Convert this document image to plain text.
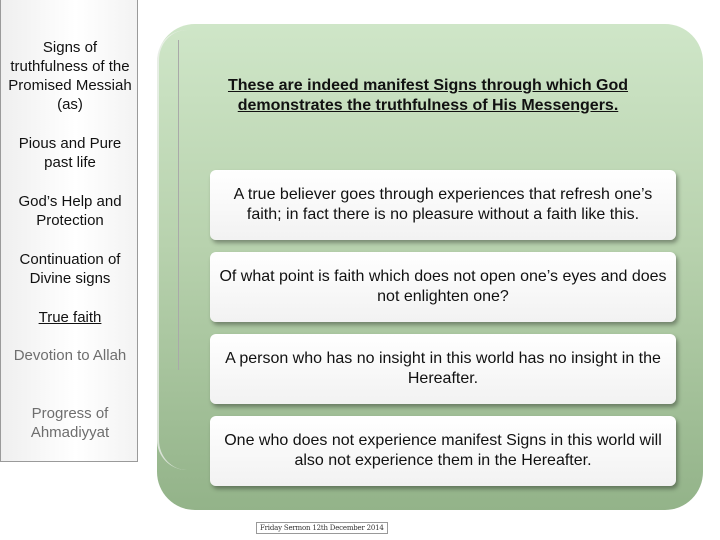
Signs of truthfulness of the Promised Messiah (as)
Pious and Pure past life
God’s Help and Protection
Continuation of Divine signs
True faith
Devotion to Allah
Progress of Ahmadiyyat
These are indeed manifest Signs through which God demonstrates the truthfulness of His Messengers.
A true believer goes through experiences that refresh one’s faith; in fact there is no pleasure without a faith like this.
Of what point is faith which does not open one’s eyes and does not enlighten one?
A person who has no insight in this world has no insight in the Hereafter.
One who does not experience manifest Signs in this world will also not experience them in the Hereafter.
Friday Sermon 12th December 2014
